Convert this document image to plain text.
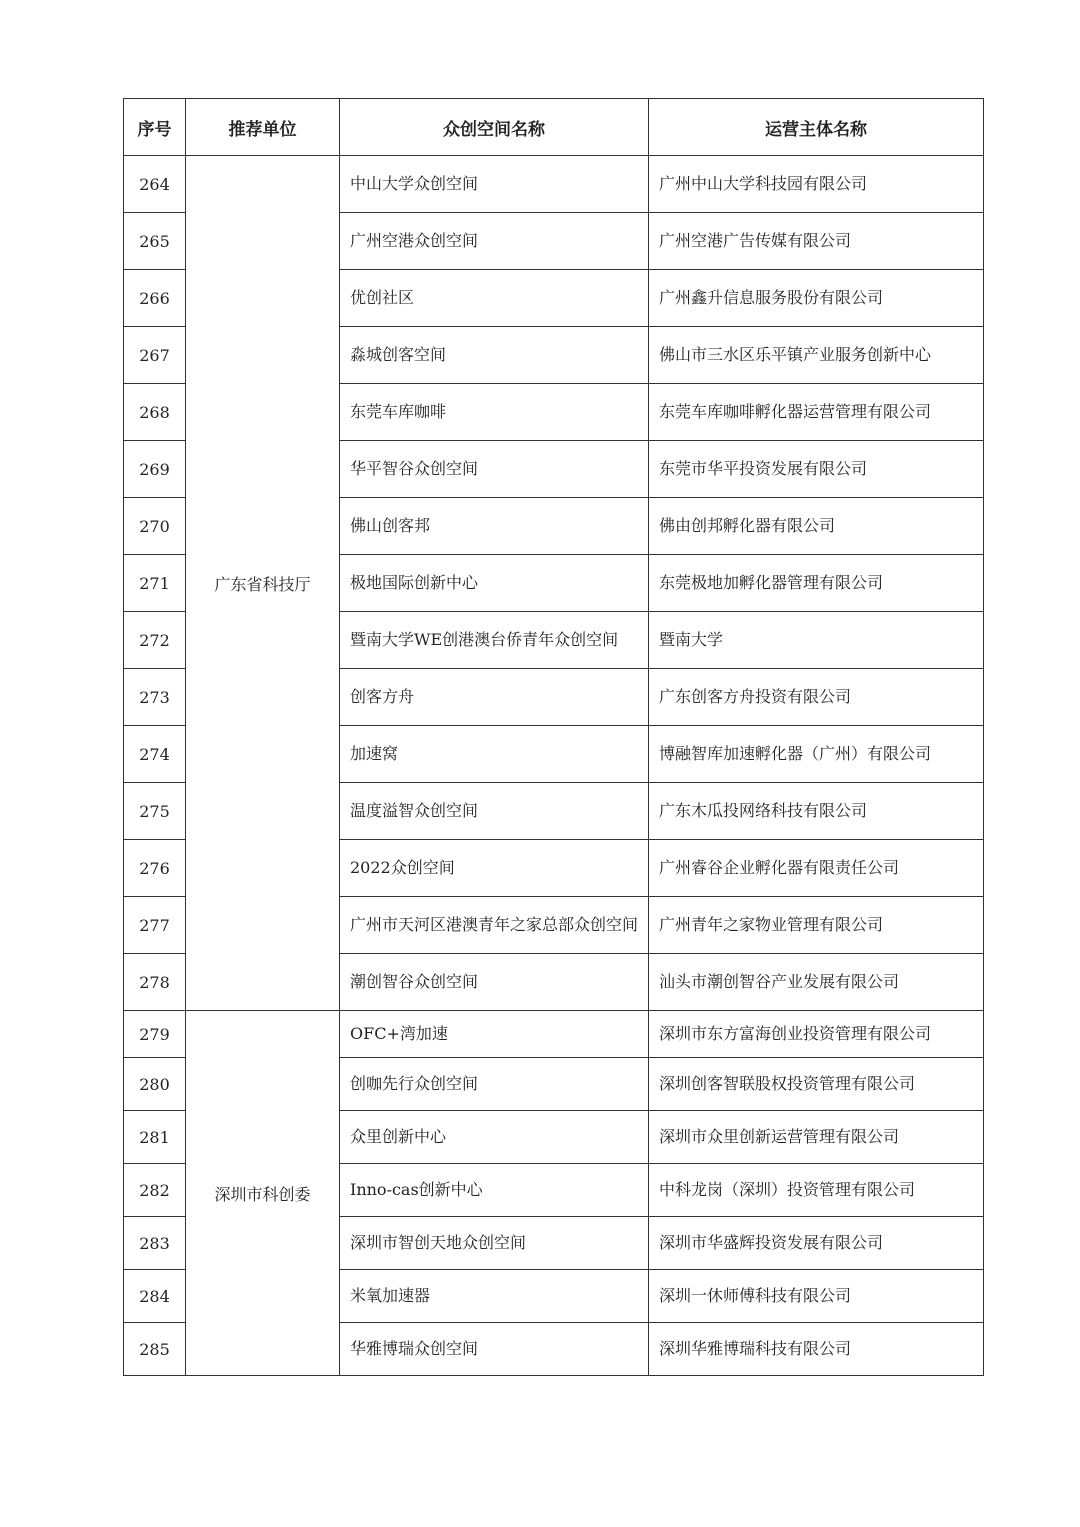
序号	推荐单位	众创空间名称	运营主体名称
264	广东省科技厅	中山大学众创空间	广州中山大学科技园有限公司
265		广州空港众创空间	广州空港广告传媒有限公司
266		优创社区	广州鑫升信息服务股份有限公司
267		淼城创客空间	佛山市三水区乐平镇产业服务创新中心
268		东莞车库咖啡	东莞车库咖啡孵化器运营管理有限公司
269		华平智谷众创空间	东莞市华平投资发展有限公司
270		佛山创客邦	佛由创邦孵化器有限公司
271		极地国际创新中心	东莞极地加孵化器管理有限公司
272		暨南大学WE创港澳台侨青年众创空间	暨南大学
273		创客方舟	广东创客方舟投资有限公司
274		加速窝	博融智库加速孵化器（广州）有限公司
275		温度溢智众创空间	广东木瓜投网络科技有限公司
276		2022众创空间	广州睿谷企业孵化器有限责任公司
277		广州市天河区港澳青年之家总部众创空间	广州青年之家物业管理有限公司
278		潮创智谷众创空间	汕头市潮创智谷产业发展有限公司
279	深圳市科创委	OFC+湾加速	深圳市东方富海创业投资管理有限公司
280		创咖先行众创空间	深圳创客智联股权投资管理有限公司
281		众里创新中心	深圳市众里创新运营管理有限公司
282		Inno-cas创新中心	中科龙岗（深圳）投资管理有限公司
283		深圳市智创天地众创空间	深圳市华盛辉投资发展有限公司
284		米氧加速器	深圳一休师傅科技有限公司
285		华雅博瑞众创空间	深圳华雅博瑞科技有限公司
